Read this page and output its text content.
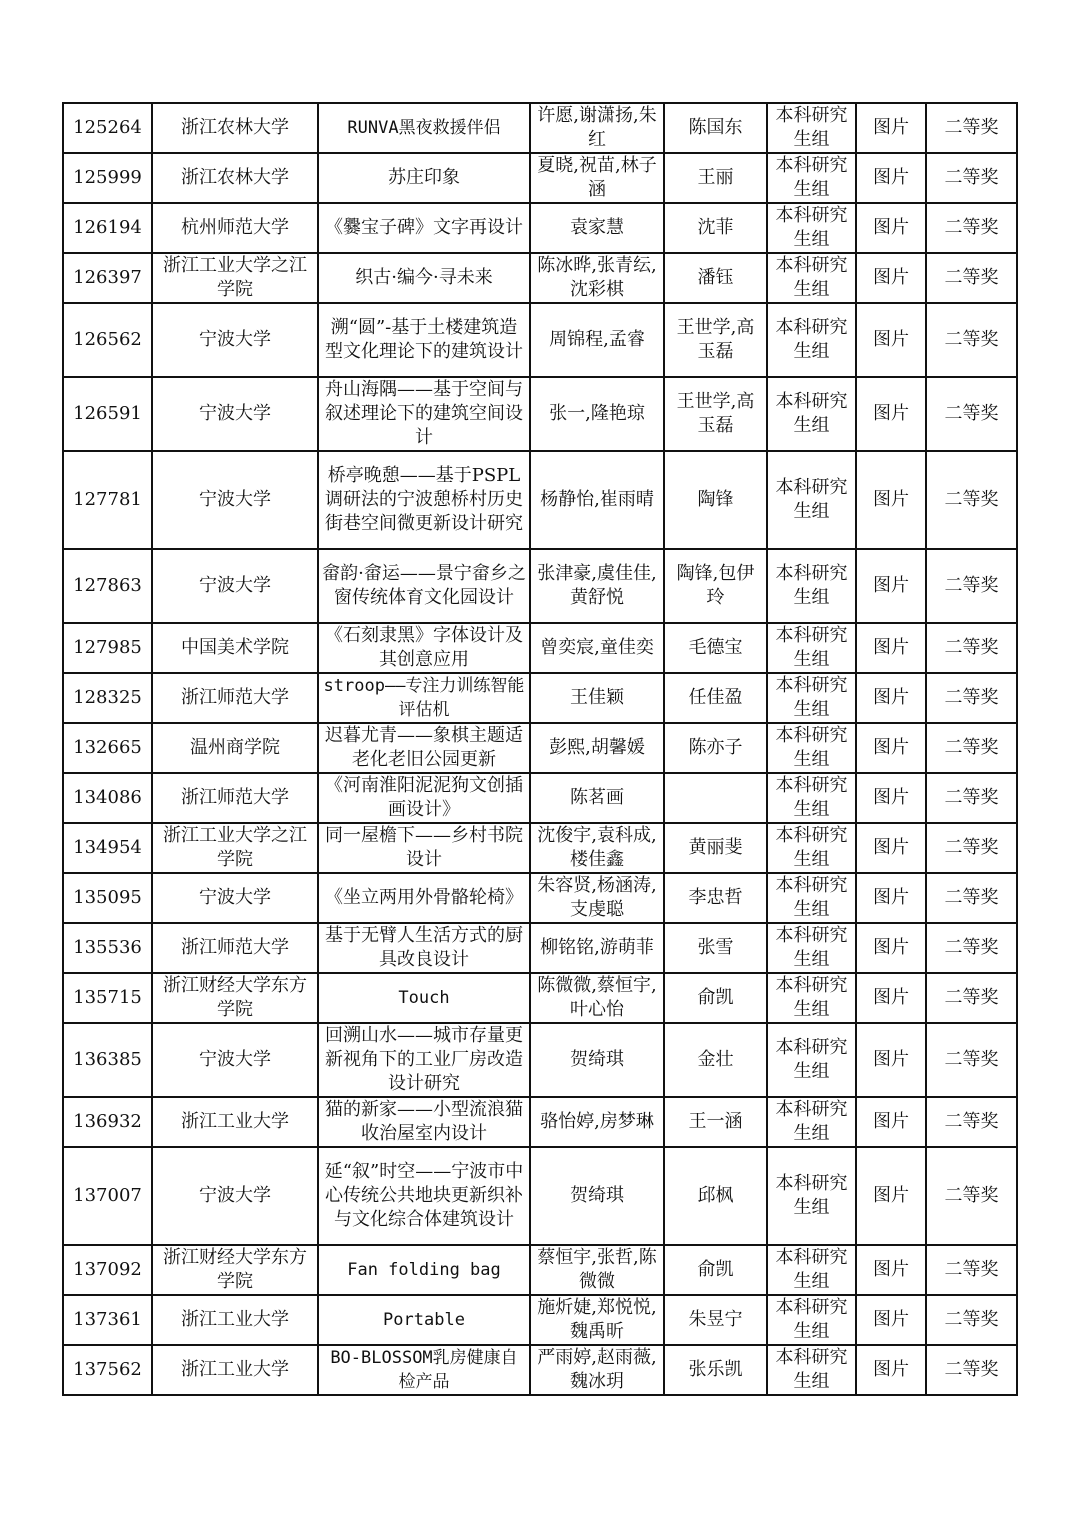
125264	浙江农林大学	RUNVA黑夜救援伴侣	许愿,谢潇扬,朱红	陈国东	本科研究生组	图片	二等奖
125999	浙江农林大学	苏庄印象	夏晓,祝苗,林子涵	王丽	本科研究生组	图片	二等奖
126194	杭州师范大学	《爨宝子碑》文字再设计	袁家慧	沈菲	本科研究生组	图片	二等奖
126397	浙江工业大学之江学院	织古·编今·寻未来	陈冰晔,张青纭,沈彩棋	潘钰	本科研究生组	图片	二等奖
126562	宁波大学	溯“圆”-基于土楼建筑造型文化理论下的建筑设计	周锦程,孟睿	王世学,高玉磊	本科研究生组	图片	二等奖
126591	宁波大学	舟山海隅——基于空间与叙述理论下的建筑空间设计	张一,隆艳琼	王世学,高玉磊	本科研究生组	图片	二等奖
127781	宁波大学	桥亭晚憩——基于PSPL调研法的宁波憩桥村历史街巷空间微更新设计研究	杨静怡,崔雨晴	陶锋	本科研究生组	图片	二等奖
127863	宁波大学	畲韵·畲运——景宁畲乡之窗传统体育文化园设计	张津豪,虞佳佳,黄舒悦	陶锋,包伊玲	本科研究生组	图片	二等奖
127985	中国美术学院	《石刻隶黑》字体设计及其创意应用	曾奕宸,童佳奕	毛德宝	本科研究生组	图片	二等奖
128325	浙江师范大学	stroop——专注力训练智能评估机	王佳颖	任佳盈	本科研究生组	图片	二等奖
132665	温州商学院	迟暮尤青——象棋主题适老化老旧公园更新	彭熙,胡馨媛	陈亦子	本科研究生组	图片	二等奖
134086	浙江师范大学	《河南淮阳泥泥狗文创插画设计》	陈茗画		本科研究生组	图片	二等奖
134954	浙江工业大学之江学院	同一屋檐下——乡村书院设计	沈俊宇,袁科成,楼佳鑫	黄丽斐	本科研究生组	图片	二等奖
135095	宁波大学	《坐立两用外骨骼轮椅》	朱容贤,杨涵涛,支虔聪	李忠哲	本科研究生组	图片	二等奖
135536	浙江师范大学	基于无臂人生活方式的厨具改良设计	柳铭铭,游萌菲	张雪	本科研究生组	图片	二等奖
135715	浙江财经大学东方学院	Touch	陈微微,蔡恒宇,叶心怡	俞凯	本科研究生组	图片	二等奖
136385	宁波大学	回溯山水——城市存量更新视角下的工业厂房改造设计研究	贺绮琪	金壮	本科研究生组	图片	二等奖
136932	浙江工业大学	猫的新家——小型流浪猫收治屋室内设计	骆怡婷,房梦琳	王一涵	本科研究生组	图片	二等奖
137007	宁波大学	延“叙”时空——宁波市中心传统公共地块更新织补与文化综合体建筑设计	贺绮琪	邱枫	本科研究生组	图片	二等奖
137092	浙江财经大学东方学院	Fan folding bag	蔡恒宇,张哲,陈微微	俞凯	本科研究生组	图片	二等奖
137361	浙江工业大学	Portable	施炘婕,郑悦悦,魏禹昕	朱昱宁	本科研究生组	图片	二等奖
137562	浙江工业大学	BO-BLOSSOM乳房健康自检产品	严雨婷,赵雨薇,魏冰玥	张乐凯	本科研究生组	图片	二等奖
